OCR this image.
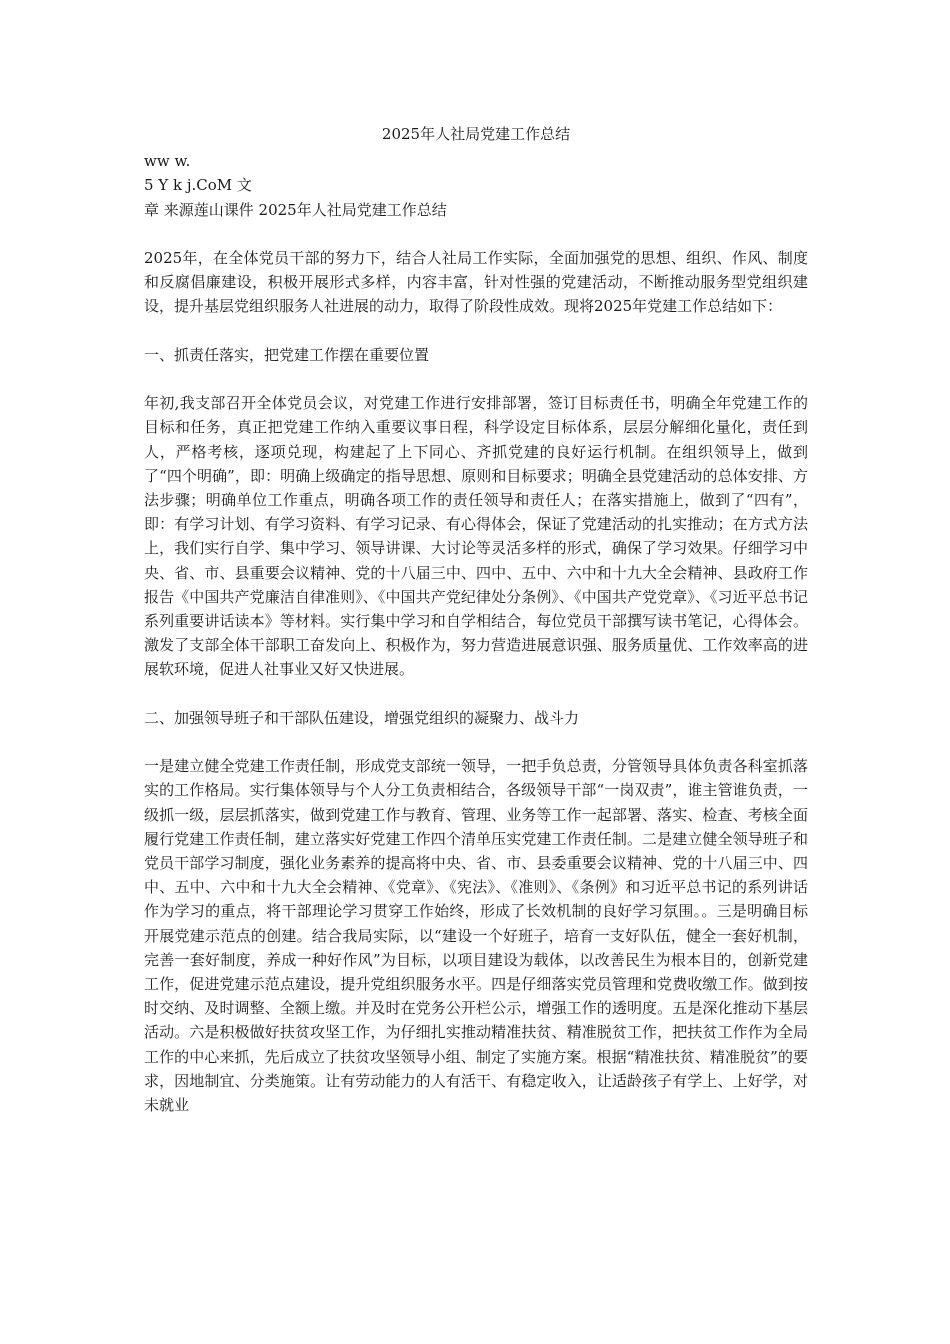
2025年人社局党建工作总结

ww w.

5 Y k j.CoM 文

章 来源莲山课件 2025年人社局党建工作总结

2025年，在全体党员干部的努力下，结合人社局工作实际，全面加强党的思想、组织、作风、制度和反腐倡廉建设，积极开展形式多样，内容丰富，针对性强的党建活动，不断推动服务型党组织建设，提升基层党组织服务人社进展的动力，取得了阶段性成效。现将2025年党建工作总结如下：

一、抓责任落实，把党建工作摆在重要位置

年初,我支部召开全体党员会议，对党建工作进行安排部署，签订目标责任书，明确全年党建工作的目标和任务，真正把党建工作纳入重要议事日程，科学设定目标体系，层层分解细化量化，责任到人，严格考核，逐项兑现，构建起了上下同心、齐抓党建的良好运行机制。在组织领导上，做到了“四个明确”，即：明确上级确定的指导思想、原则和目标要求；明确全县党建活动的总体安排、方法步骤；明确单位工作重点，明确各项工作的责任领导和责任人；在落实措施上，做到了“四有”，即：有学习计划、有学习资料、有学习记录、有心得体会，保证了党建活动的扎实推动；在方式方法上，我们实行自学、集中学习、领导讲课、大讨论等灵活多样的形式，确保了学习效果。仔细学习中央、省、市、县重要会议精神、党的十八届三中、四中、五中、六中和十九大全会精神、县政府工作报告《中国共产党廉洁自律准则》、《中国共产党纪律处分条例》、《中国共产党党章》、《习近平总书记系列重要讲话读本》等材料。实行集中学习和自学相结合，每位党员干部撰写读书笔记，心得体会。激发了支部全体干部职工奋发向上、积极作为，努力营造进展意识强、服务质量优、工作效率高的进展软环境，促进人社事业又好又快进展。

二、加强领导班子和干部队伍建设，增强党组织的凝聚力、战斗力

一是建立健全党建工作责任制，形成党支部统一领导，一把手负总责，分管领导具体负责各科室抓落实的工作格局。实行集体领导与个人分工负责相结合，各级领导干部“一岗双责”，谁主管谁负责，一级抓一级，层层抓落实，做到党建工作与教育、管理、业务等工作一起部署、落实、检查、考核全面履行党建工作责任制，建立落实好党建工作四个清单压实党建工作责任制。二是建立健全领导班子和党员干部学习制度，强化业务素养的提高将中央、省、市、县委重要会议精神、党的十八届三中、四中、五中、六中和十九大全会精神、《党章》、《宪法》、《准则》、《条例》和习近平总书记的系列讲话作为学习的重点，将干部理论学习贯穿工作始终，形成了长效机制的良好学习氛围。。三是明确目标开展党建示范点的创建。结合我局实际，以“建设一个好班子，培育一支好队伍，健全一套好机制，完善一套好制度，养成一种好作风”为目标，以项目建设为载体，以改善民生为根本目的，创新党建工作，促进党建示范点建设，提升党组织服务水平。四是仔细落实党员管理和党费收缴工作。做到按时交纳、及时调整、全额上缴。并及时在党务公开栏公示，增强工作的透明度。五是深化推动下基层活动。六是积极做好扶贫攻坚工作，为仔细扎实推动精准扶贫、精准脱贫工作，把扶贫工作作为全局工作的中心来抓，先后成立了扶贫攻坚领导小组、制定了实施方案。根据“精准扶贫、精准脱贫”的要求，因地制宜、分类施策。让有劳动能力的人有活干、有稳定收入，让适龄孩子有学上、上好学，对未就业
